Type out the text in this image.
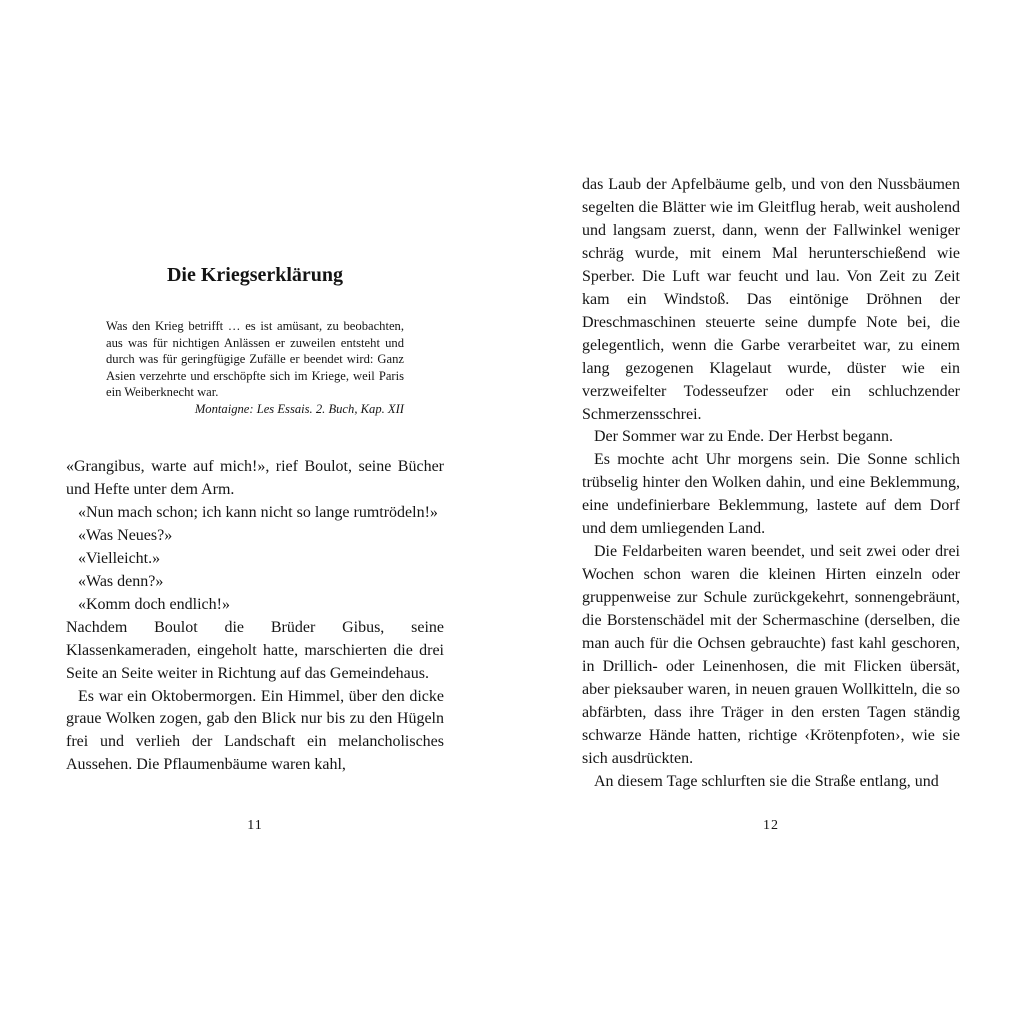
Die Kriegserklärung

Was den Krieg betrifft … es ist amüsant, zu beobachten, aus was für nichtigen Anlässen er zuweilen entsteht und durch was für geringfügige Zufälle er beendet wird: Ganz Asien verzehrte und erschöpfte sich im Kriege, weil Paris ein Weiberknecht war.

Montaigne: Les Essais. 2. Buch, Kap. XII

«Grangibus, warte auf mich!», rief Boulot, seine Bücher und Hefte unter dem Arm.

«Nun mach schon; ich kann nicht so lange rumtrödeln!»

«Was Neues?»

«Vielleicht.»

«Was denn?»

«Komm doch endlich!»

Nachdem Boulot die Brüder Gibus, seine Klassenkameraden, eingeholt hatte, marschierten die drei Seite an Seite weiter in Richtung auf das Gemeindehaus.

Es war ein Oktobermorgen. Ein Himmel, über den dicke graue Wolken zogen, gab den Blick nur bis zu den Hügeln frei und verlieh der Landschaft ein melancholisches Aussehen. Die Pflaumenbäume waren kahl,

11

das Laub der Apfelbäume gelb, und von den Nussbäumen segelten die Blätter wie im Gleitflug herab, weit ausholend und langsam zuerst, dann, wenn der Fallwinkel weniger schräg wurde, mit einem Mal herunterschießend wie Sperber. Die Luft war feucht und lau. Von Zeit zu Zeit kam ein Windstoß. Das eintönige Dröhnen der Dreschmaschinen steuerte seine dumpfe Note bei, die gelegentlich, wenn die Garbe verarbeitet war, zu einem lang gezogenen Klagelaut wurde, düster wie ein verzweifelter Todesseufzer oder ein schluchzender Schmerzensschrei.

Der Sommer war zu Ende. Der Herbst begann.

Es mochte acht Uhr morgens sein. Die Sonne schlich trübselig hinter den Wolken dahin, und eine Beklemmung, eine undefinierbare Beklemmung, lastete auf dem Dorf und dem umliegenden Land.

Die Feldarbeiten waren beendet, und seit zwei oder drei Wochen schon waren die kleinen Hirten einzeln oder gruppenweise zur Schule zurückgekehrt, sonnengebräunt, die Borstenschädel mit der Schermaschine (derselben, die man auch für die Ochsen gebrauchte) fast kahl geschoren, in Drillich- oder Leinenhosen, die mit Flicken übersät, aber pieksauber waren, in neuen grauen Wollkitteln, die so abfärbten, dass ihre Träger in den ersten Tagen ständig schwarze Hände hatten, richtige ‹Krötenpfoten›, wie sie sich ausdrückten.

An diesem Tage schlurften sie die Straße entlang, und

12
